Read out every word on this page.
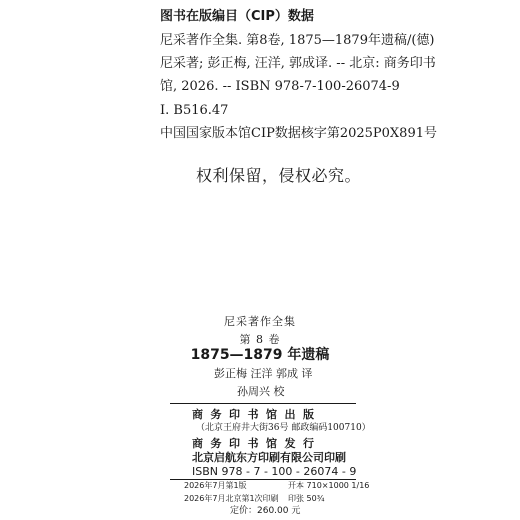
图书在版编目（CIP）数据
尼采著作全集. 第8卷, 1875—1879年遗稿/(德)
尼采著; 彭正梅, 汪洋, 郭成译. -- 北京: 商务印书
馆, 2026. -- ISBN 978-7-100-26074-9
Ⅰ. B516.47
中国国家版本馆CIP数据核字第2025P0X891号
权利保留，侵权必究。
尼采著作全集
第 8 卷
1875—1879 年遗稿
彭正梅 汪洋 郭成 译
孙周兴 校
商务印书馆出版
（北京王府井大街36号 邮政编码100710）
商务印书馆发行
北京启航东方印刷有限公司印刷
ISBN 978 - 7 - 100 - 26074 - 9
2026年7月第1版	开本 710×1000 1/16
2026年7月北京第1次印刷 印张 50¾
定价：260.00 元
